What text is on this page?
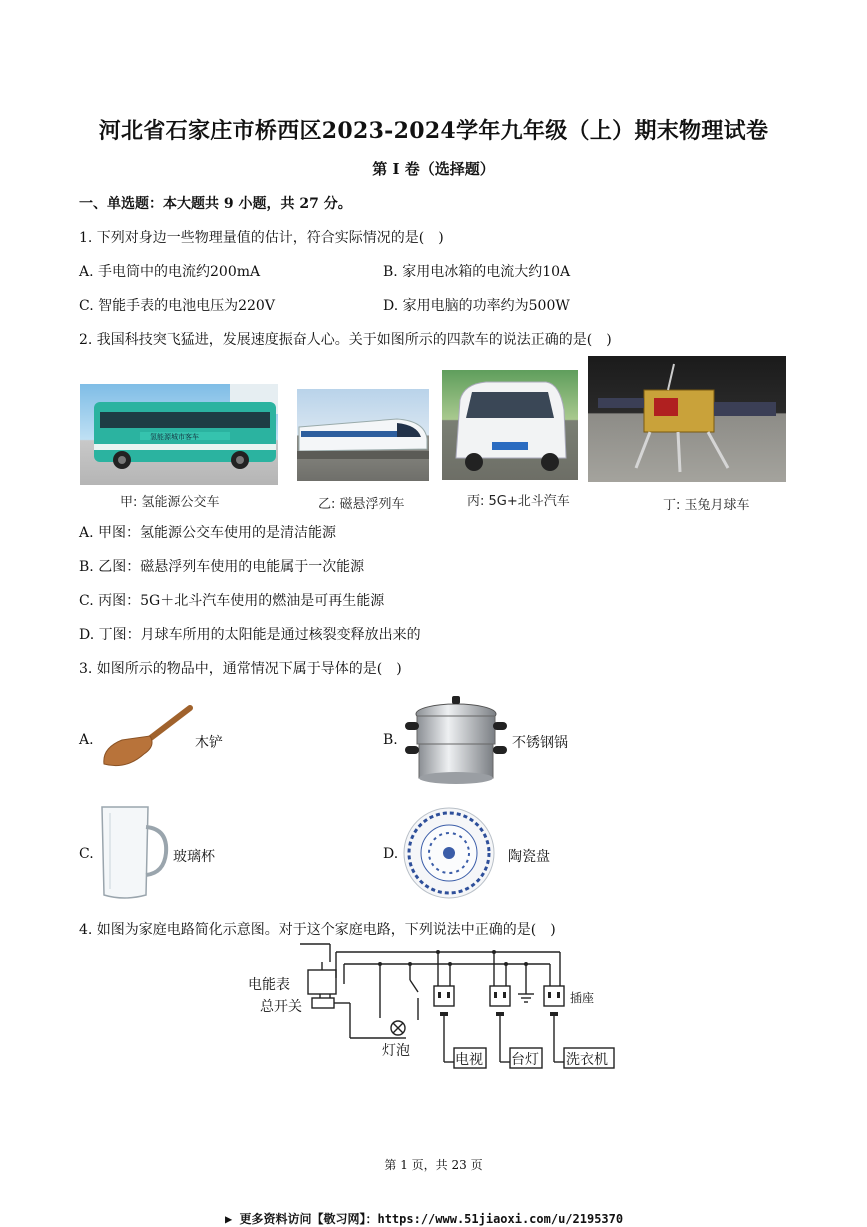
河北省石家庄市桥西区2023-2024学年九年级（上）期末物理试卷
第 I 卷（选择题）
一、单选题：本大题共 9 小题，共 27 分。
1. 下列对身边一些物理量值的估计，符合实际情况的是(　)
A. 手电筒中的电流约200mA	B. 家用电冰箱的电流大约10A
C. 智能手表的电池电压为220V	D. 家用电脑的功率约为500W
2. 我国科技突飞猛进，发展速度振奋人心。关于如图所示的四款车的说法正确的是(　)
氢能源城市客车
甲: 氢能源公交车	乙: 磁悬浮列车	丙: 5G+北斗汽车	丁: 玉兔月球车
A. 甲图：氢能源公交车使用的是清洁能源
B. 乙图：磁悬浮列车使用的电能属于一次能源
C. 丙图：5G＋北斗汽车使用的燃油是可再生能源
D. 丁图：月球车所用的太阳能是通过核裂变释放出来的
3. 如图所示的物品中，通常情况下属于导体的是(　)
A.	木铲	B.	不锈钢锅
C.	玻璃杯	D.	陶瓷盘
4. 如图为家庭电路简化示意图。对于这个家庭电路，下列说法中正确的是(　)
电能表
总开关
灯泡
插座
电视 台灯 洗衣机
第 1 页，共 23 页
▶ 更多资料访问【敬习网】：https://www.51jiaoxi.com/u/2195370
